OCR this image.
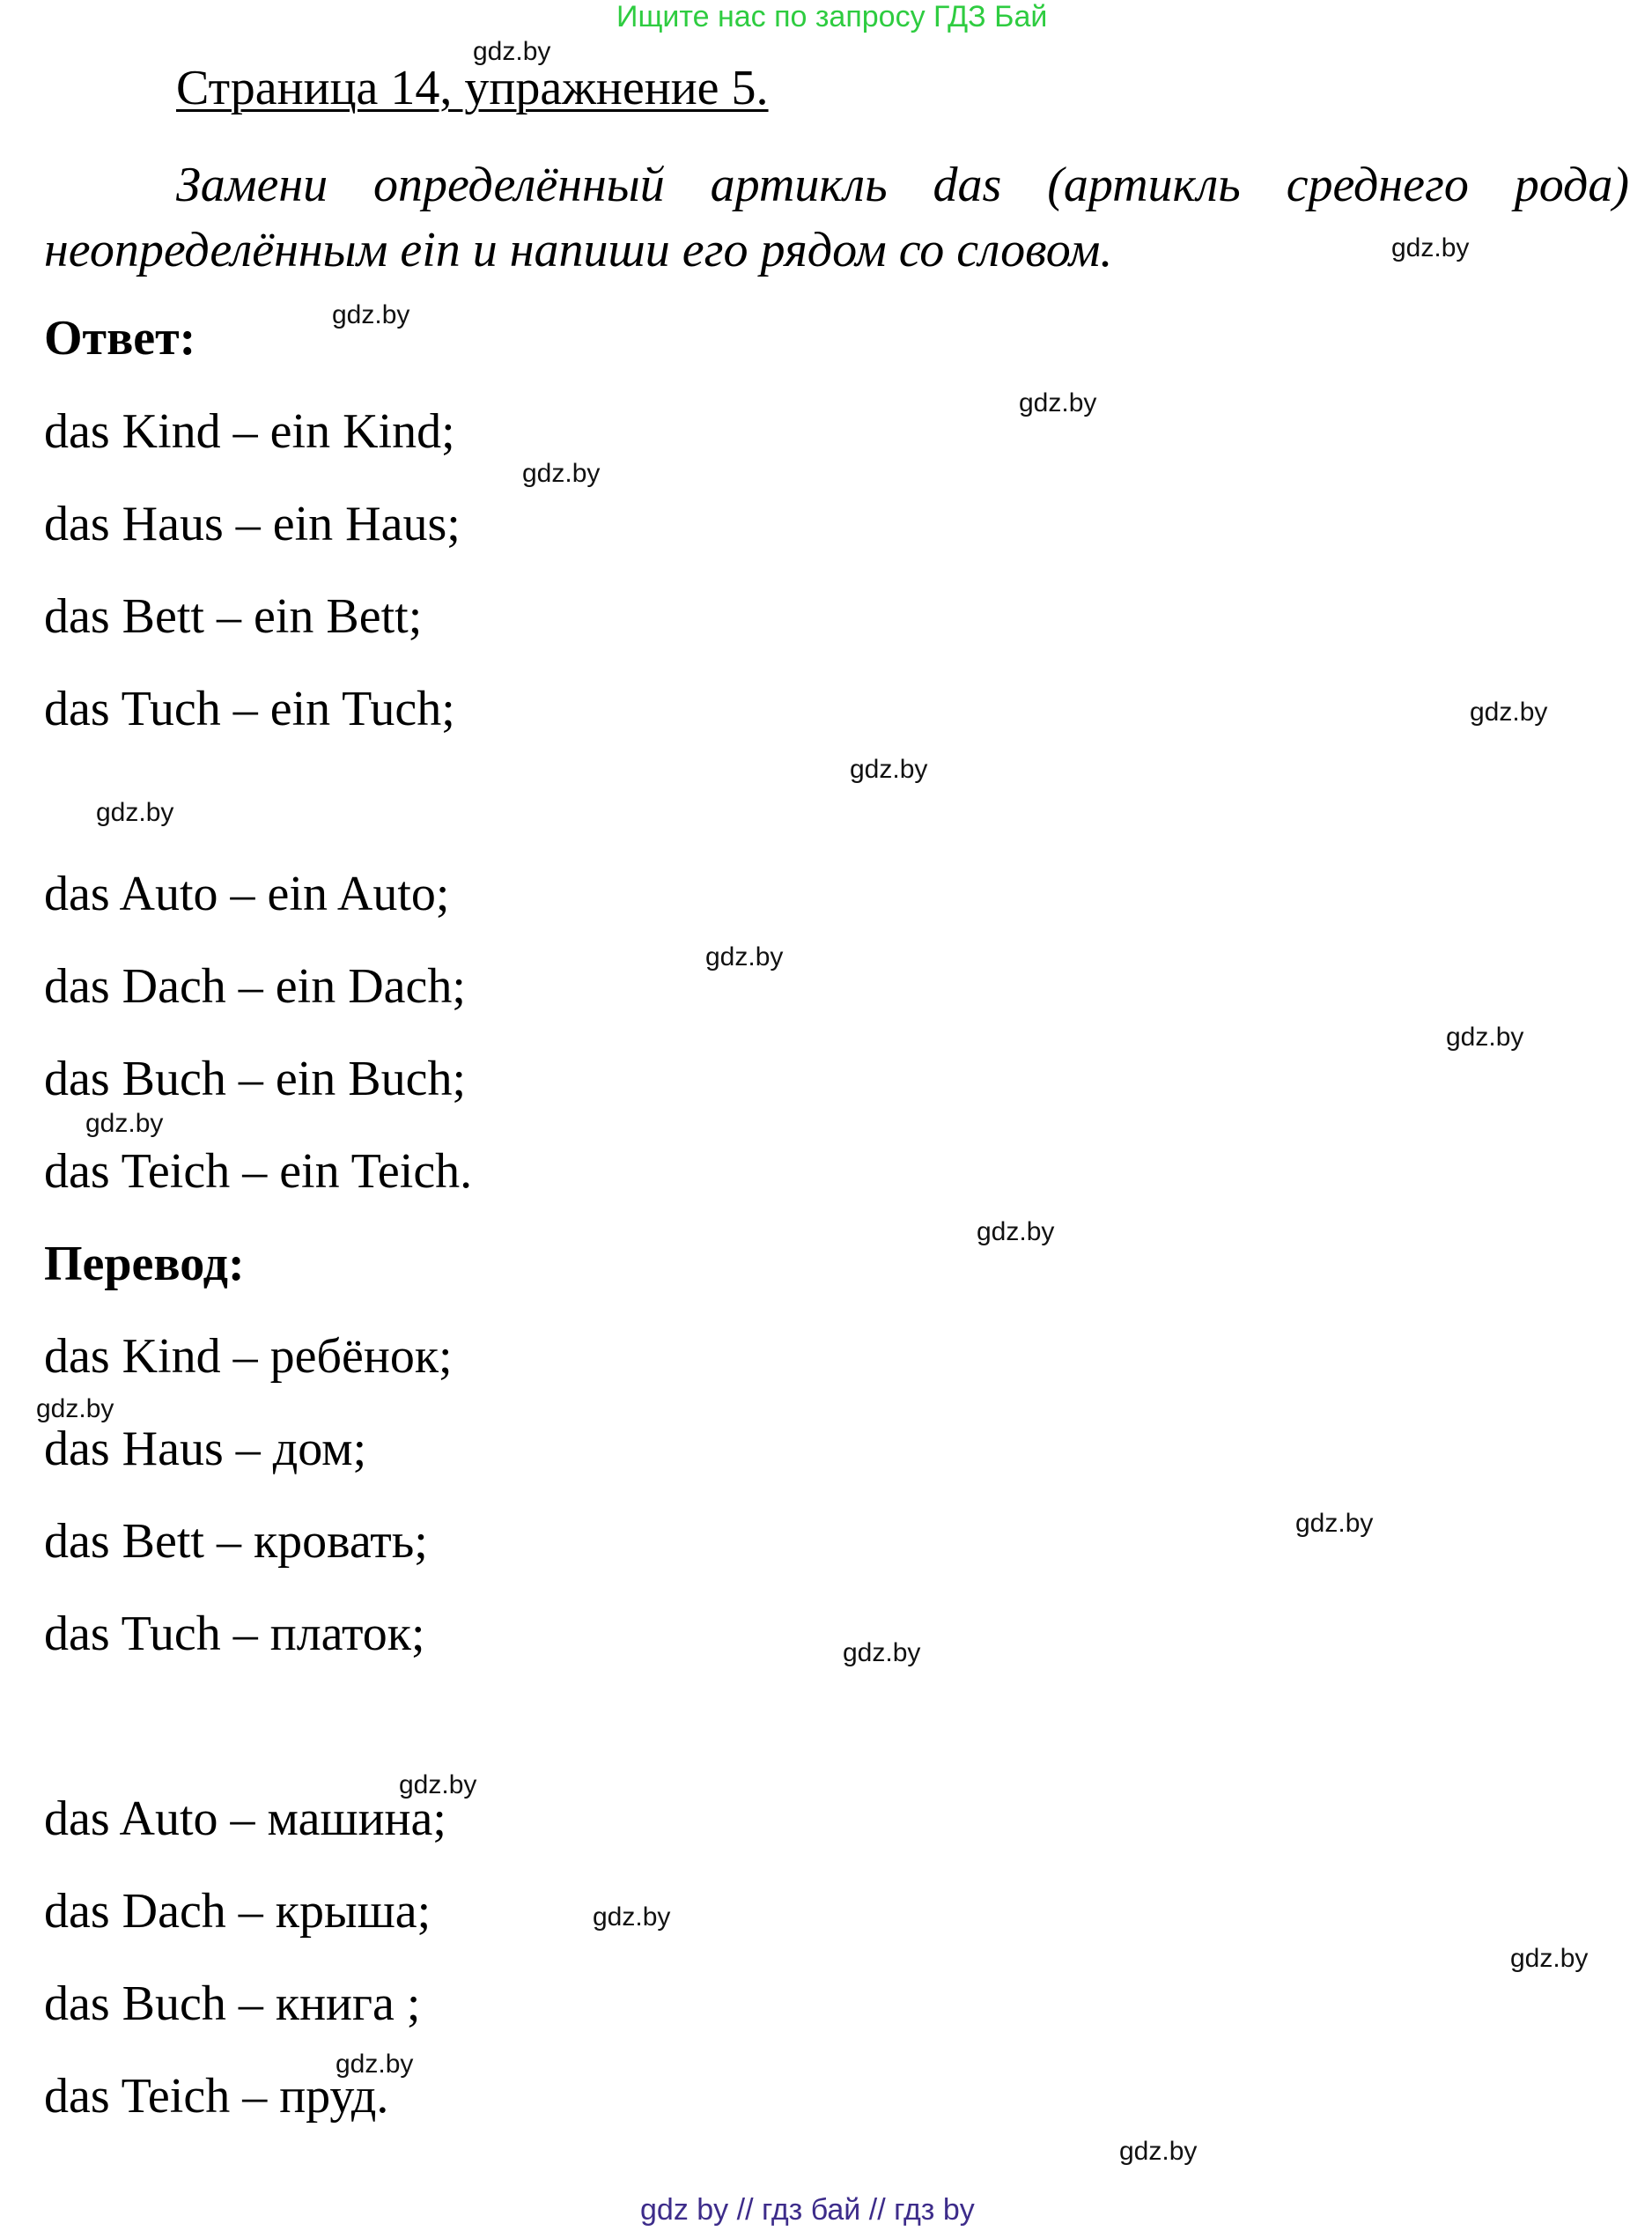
Ищите нас по запросу ГДЗ Бай
Страница 14, упражнение 5.
Замени определённый артикль das (артикль среднего рода)
неопределённым ein и напиши его рядом со словом.
Ответ:
das Kind – ein Kind;
das Haus – ein Haus;
das Bett – ein Bett;
das Tuch – ein Tuch;
das Auto – ein Auto;
das Dach – ein Dach;
das Buch – ein Buch;
das Teich – ein Teich.
Перевод:
das Kind – ребёнок;
das Haus – дом;
das Bett – кровать;
das Tuch – платок;
das Auto – машина;
das Dach – крыша;
das Buch – книга ;
das Teich – пруд.
gdz.by
gdz.by
gdz.by
gdz.by
gdz.by
gdz.by
gdz.by
gdz.by
gdz.by
gdz.by
gdz.by
gdz.by
gdz.by
gdz.by
gdz.by
gdz.by
gdz.by
gdz.by
gdz.by
gdz.by
gdz by // гдз бай // гдз by
